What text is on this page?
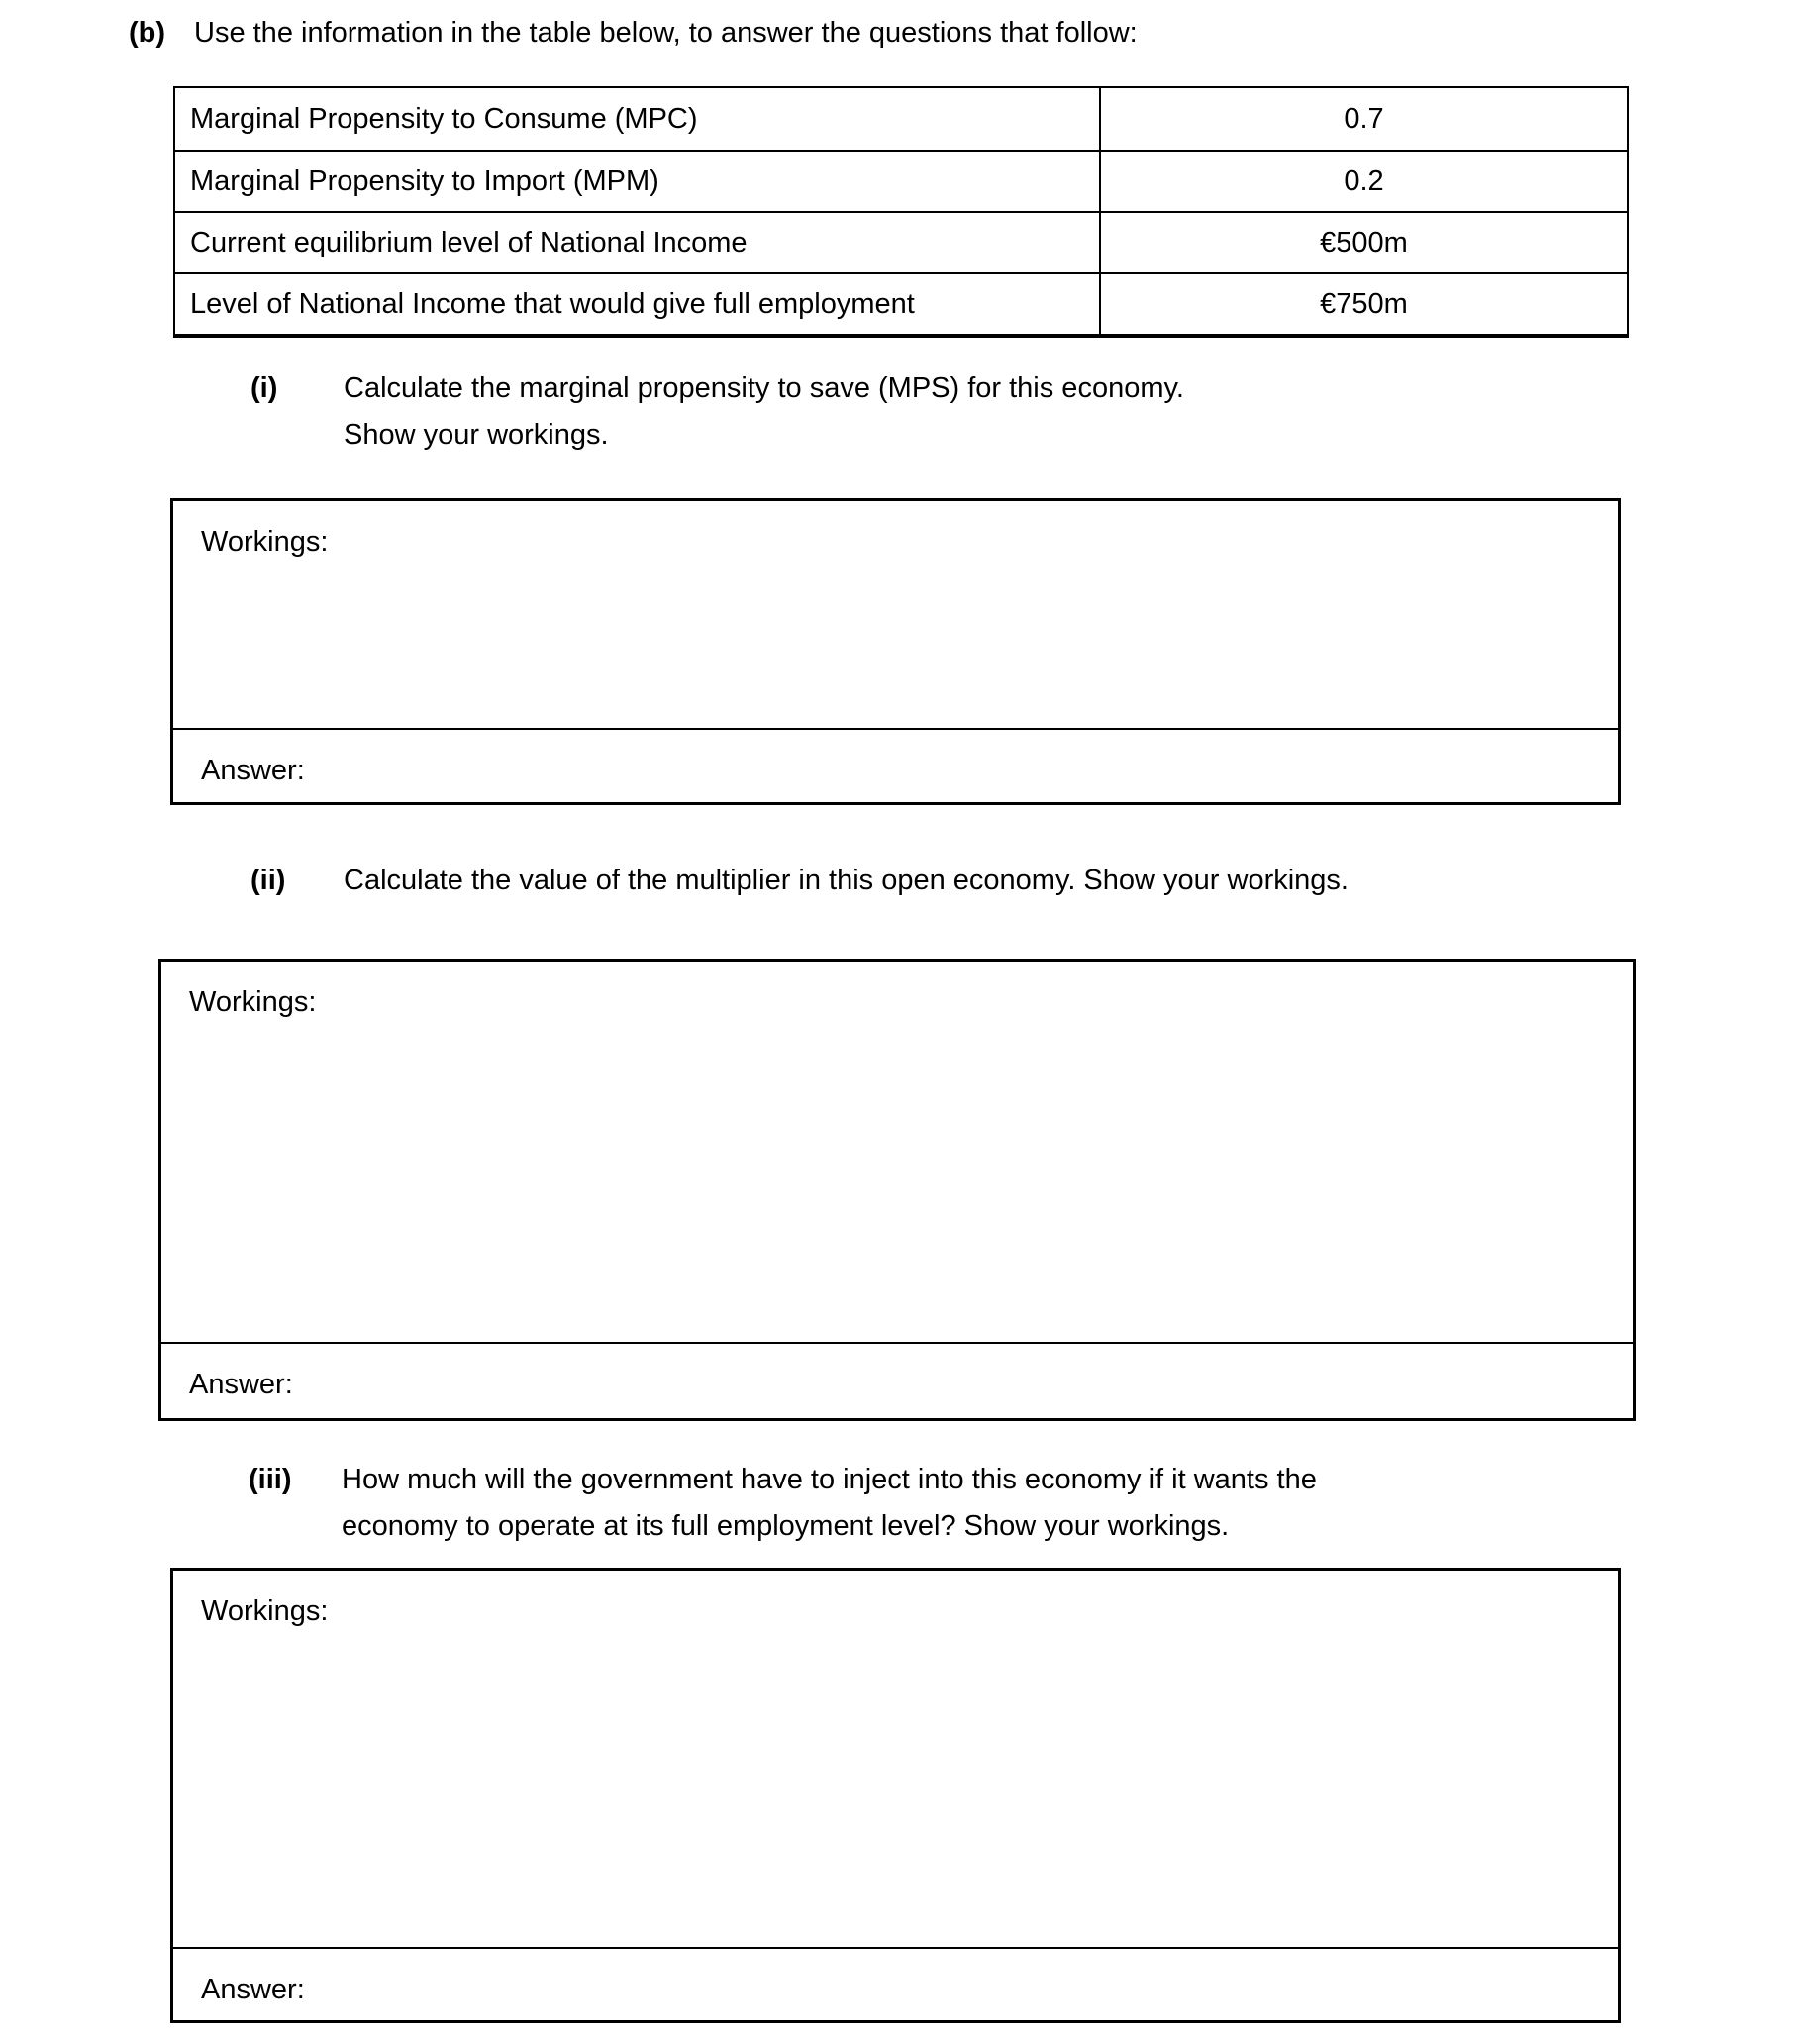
(b) Use the information in the table below, to answer the questions that follow:
Marginal Propensity to Consume (MPC)	0.7
Marginal Propensity to Import (MPM)	0.2
Current equilibrium level of National Income	€500m
Level of National Income that would give full employment	€750m
(i) Calculate the marginal propensity to save (MPS) for this economy.
Show your workings.
Workings:
Answer:
(ii) Calculate the value of the multiplier in this open economy. Show your workings.
Workings:
Answer:
(iii) How much will the government have to inject into this economy if it wants the
economy to operate at its full employment level? Show your workings.
Workings:
Answer:
